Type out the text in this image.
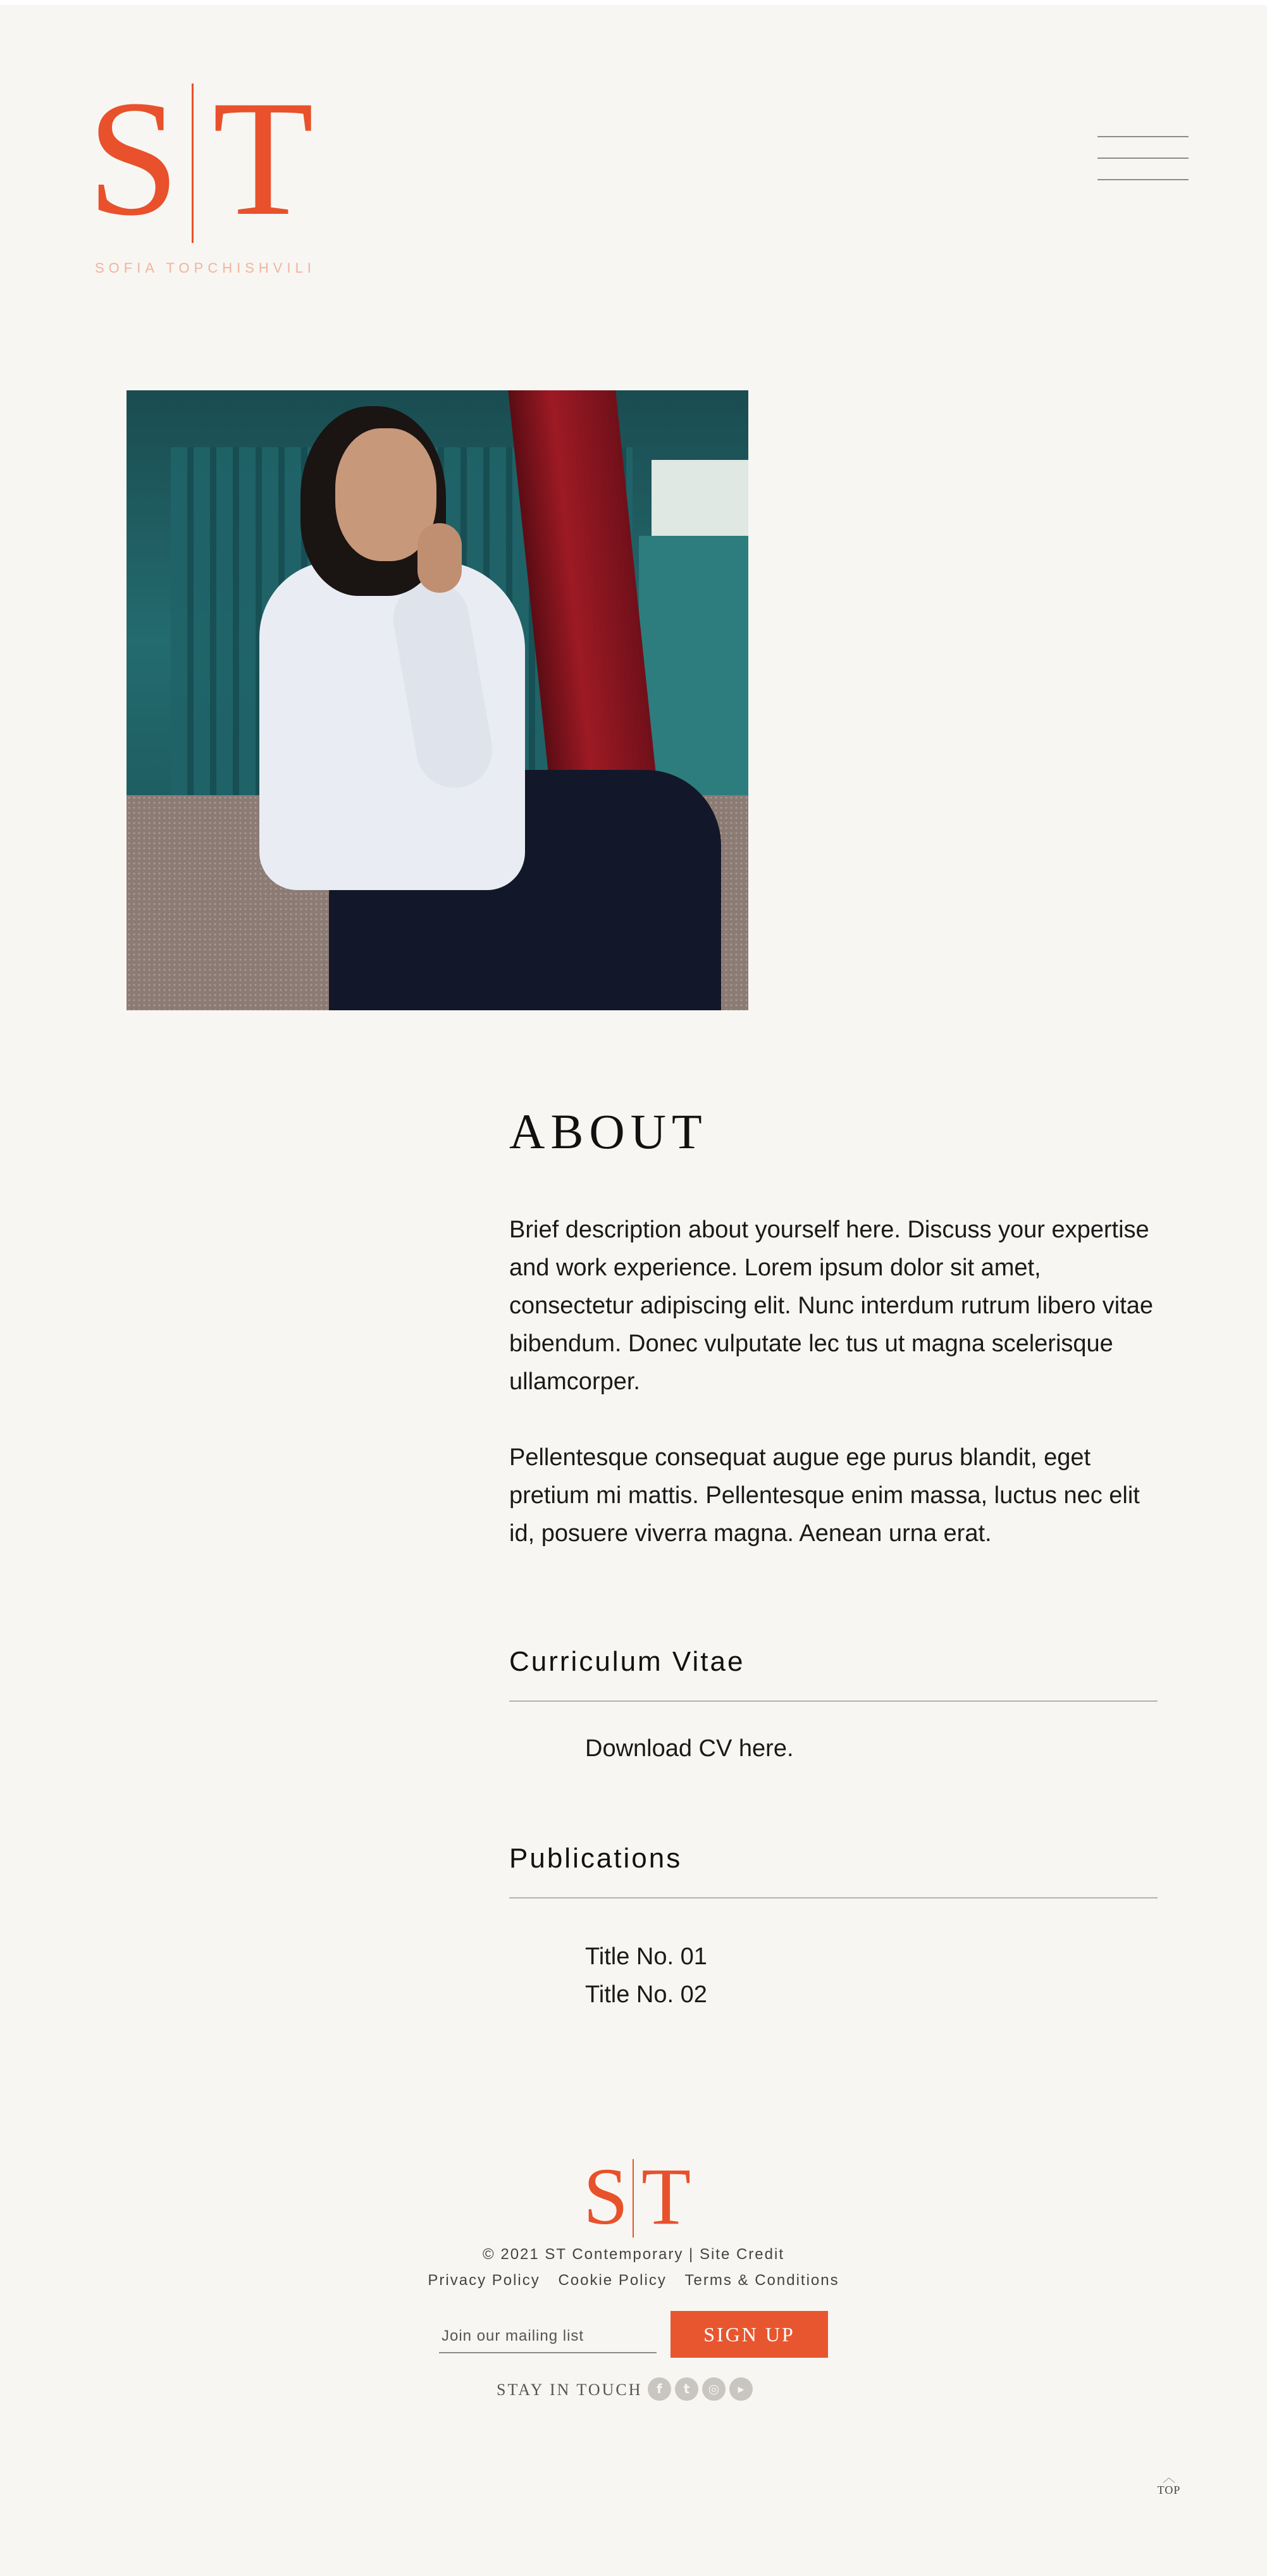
S T
SOFIA TOPCHISHVILI
ABOUT

Brief description about yourself here. Discuss your expertise and work experience. Lorem ipsum dolor sit amet, consectetur adipiscing elit. Nunc interdum rutrum libero vitae bibendum. Donec vulputate lec tus ut magna scelerisque ullamcorper.

Pellentesque consequat augue ege purus blandit, eget pretium mi mattis. Pellentesque enim massa, luctus nec elit id, posuere viverra magna. Aenean urna erat.

Curriculum Vitae

Download CV here.

Publications

Title No. 01

Title No. 02

S T
© 2021 ST Contemporary | Site Credit
Privacy Policy Cookie Policy Terms & Conditions
Join our mailing list
SIGN UP
STAY IN TOUCH	f	t	◎	▸
︿
TOP
